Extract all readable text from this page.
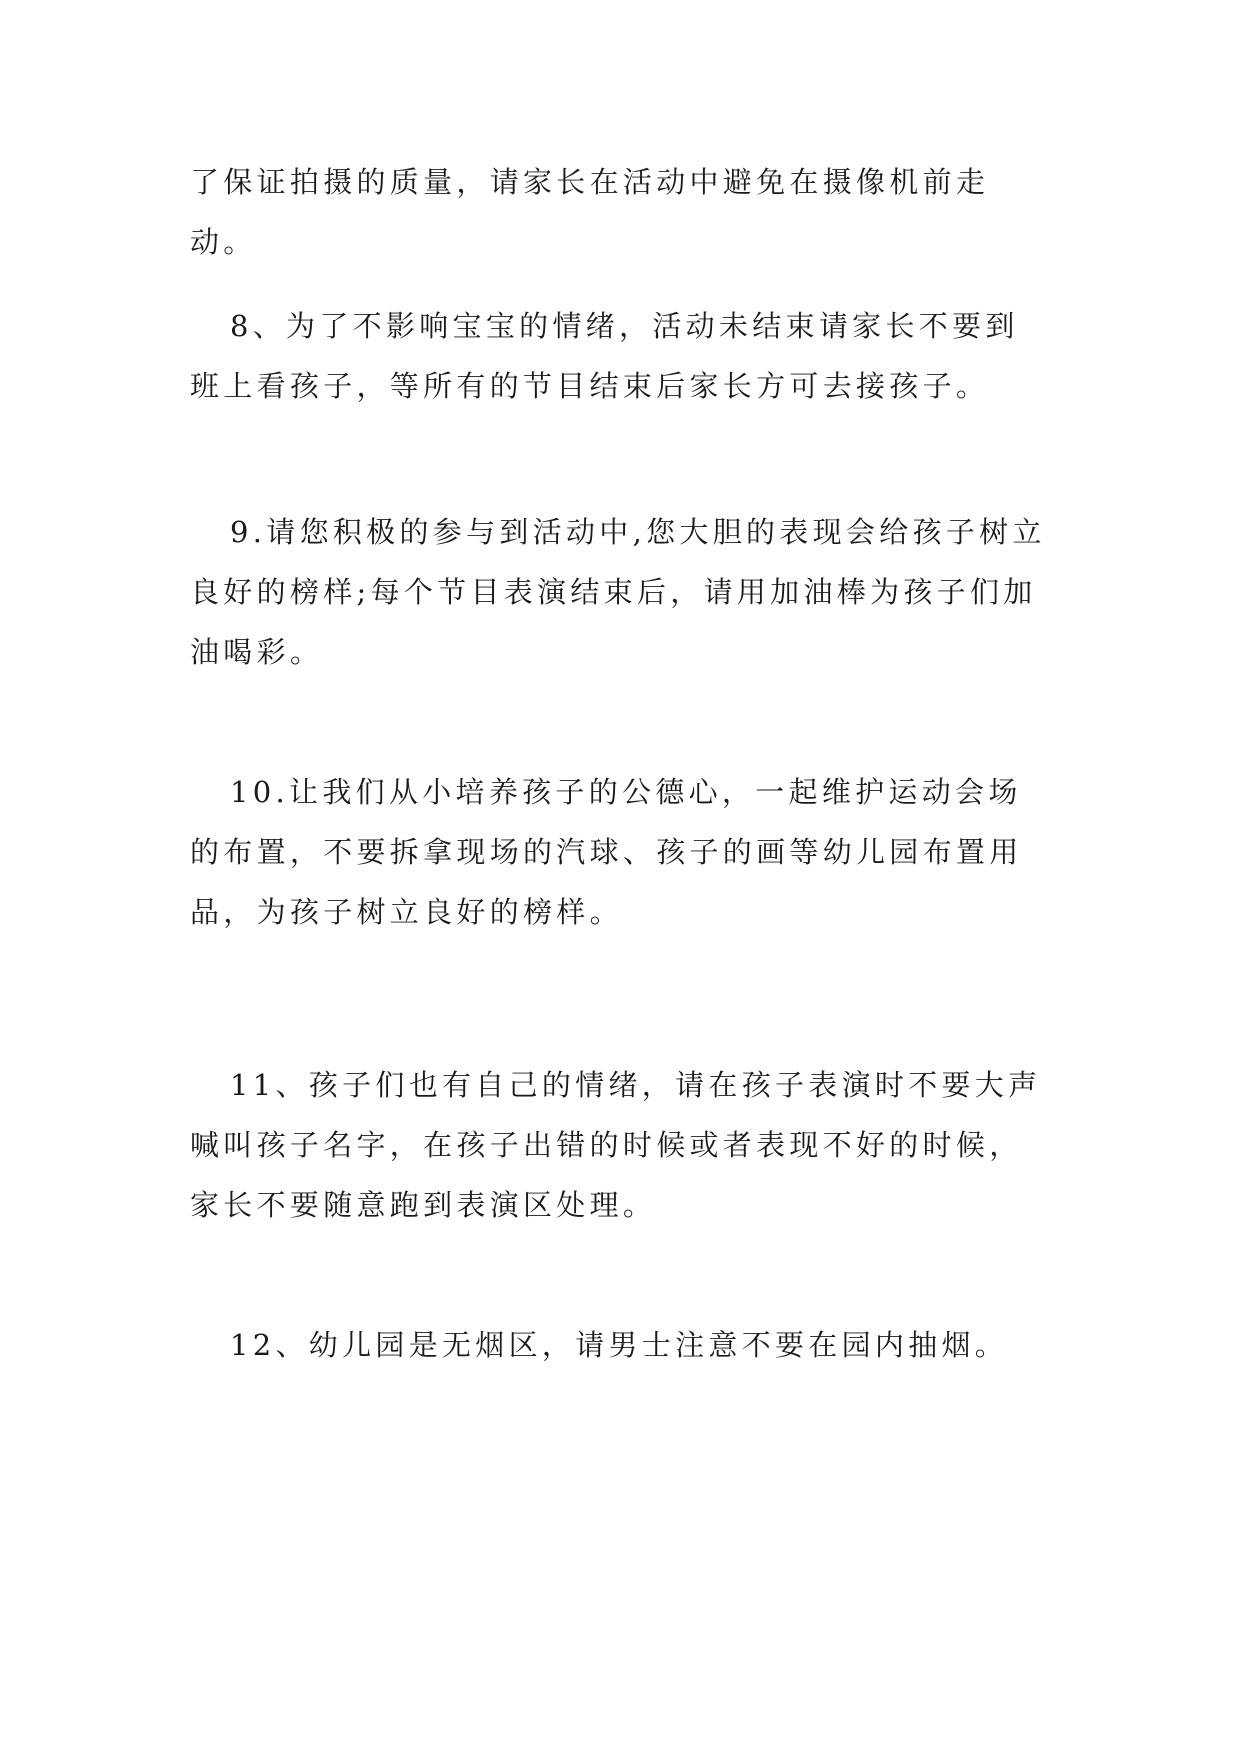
了保证拍摄的质量，请家长在活动中避免在摄像机前走动。

8、为了不影响宝宝的情绪，活动未结束请家长不要到班上看孩子，等所有的节目结束后家长方可去接孩子。

9.请您积极的参与到活动中,您大胆的表现会给孩子树立良好的榜样;每个节目表演结束后，请用加油棒为孩子们加油喝彩。

10.让我们从小培养孩子的公德心，一起维护运动会场的布置，不要拆拿现场的汽球、孩子的画等幼儿园布置用品，为孩子树立良好的榜样。

11、孩子们也有自己的情绪，请在孩子表演时不要大声喊叫孩子名字，在孩子出错的时候或者表现不好的时候，家长不要随意跑到表演区处理。

12、幼儿园是无烟区，请男士注意不要在园内抽烟。
